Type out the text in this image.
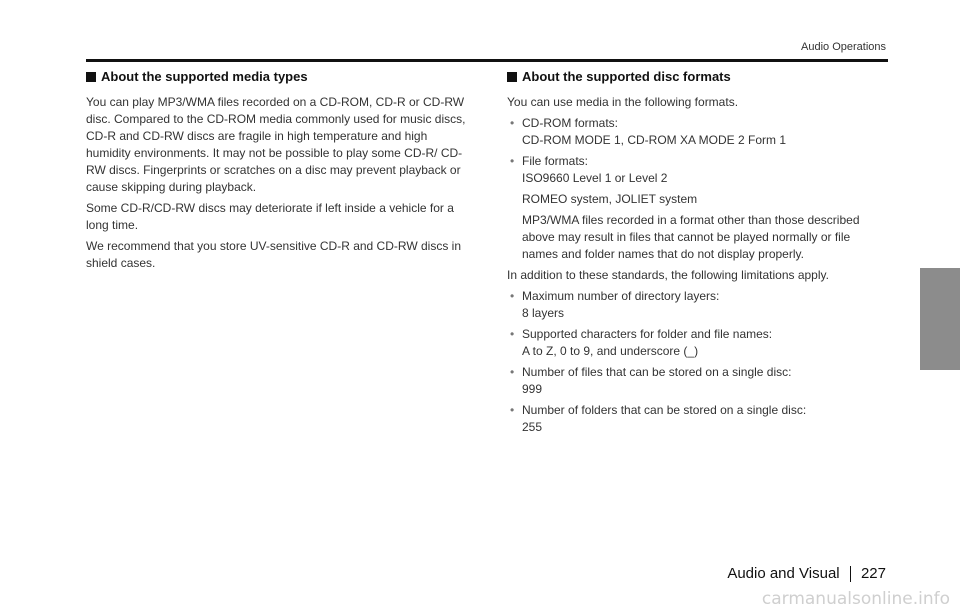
Audio Operations
About the supported media types

You can play MP3/WMA files recorded on a CD-ROM, CD-R or CD-RW disc. Compared to the CD-ROM media commonly used for music discs, CD-R and CD-RW discs are fragile in high temperature and high humidity environments. It may not be possible to play some CD-R/ CD-RW discs. Fingerprints or scratches on a disc may prevent playback or cause skipping during playback.

Some CD-R/CD-RW discs may deteriorate if left inside a vehicle for a long time.

We recommend that you store UV-sensitive CD-R and CD-RW discs in shield cases.

About the supported disc formats

You can use media in the following formats.

• CD-ROM formats:
CD-ROM MODE 1, CD-ROM XA MODE 2 Form 1
• File formats:
ISO9660 Level 1 or Level 2

ROMEO system, JOLIET system

MP3/WMA files recorded in a format other than those described above may result in files that cannot be played normally or file names and folder names that do not display properly.

In addition to these standards, the following limitations apply.

• Maximum number of directory layers:
8 layers
• Supported characters for folder and file names:
A to Z, 0 to 9, and underscore (_)
• Number of files that can be stored on a single disc:
999
• Number of folders that can be stored on a single disc:
255
Audio and Visual 227
carmanualsonline.info
